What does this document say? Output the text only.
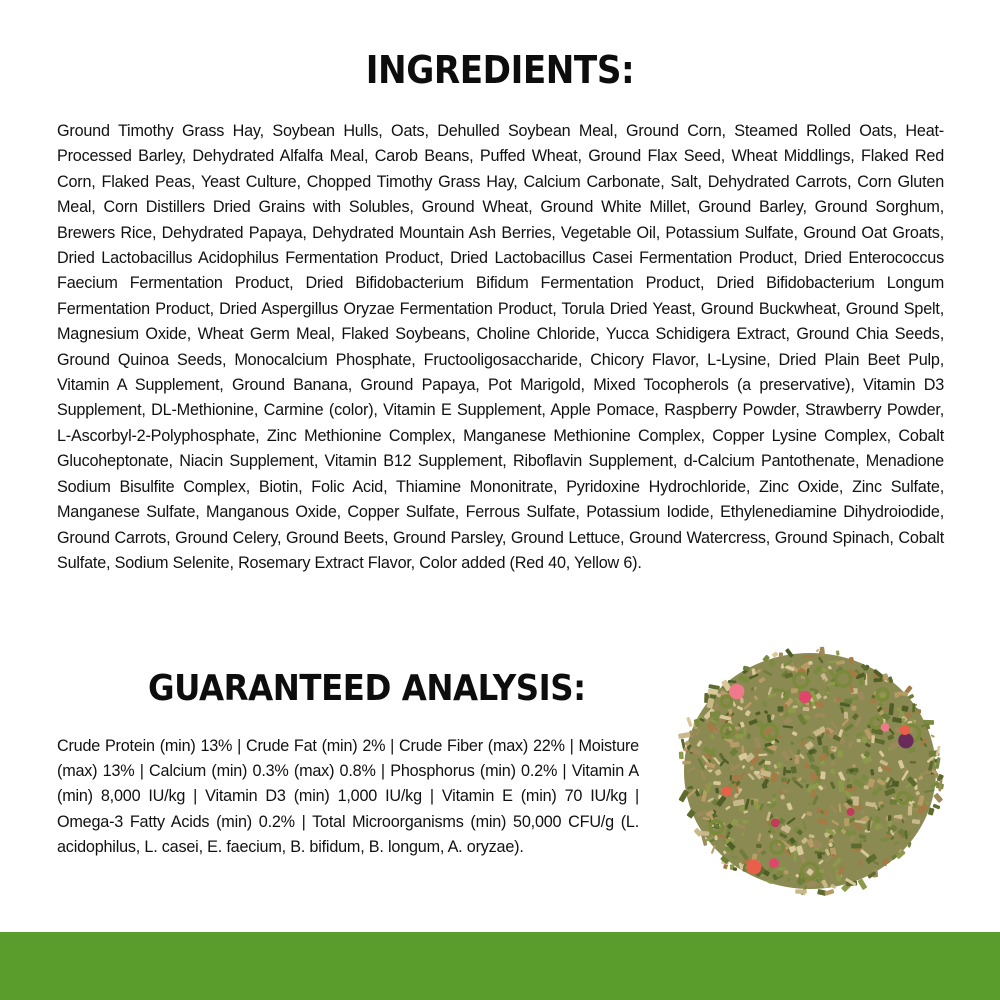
INGREDIENTS:

Ground Timothy Grass Hay, Soybean Hulls, Oats, Dehulled Soybean Meal, Ground Corn, Steamed Rolled Oats, Heat-Processed Barley, Dehydrated Alfalfa Meal, Carob Beans, Puffed Wheat, Ground Flax Seed, Wheat Middlings, Flaked Red Corn, Flaked Peas, Yeast Culture, Chopped Timothy Grass Hay, Calcium Carbonate, Salt, Dehydrated Carrots, Corn Gluten Meal, Corn Distillers Dried Grains with Solubles, Ground Wheat, Ground White Millet, Ground Barley, Ground Sorghum, Brewers Rice, Dehydrated Papaya, Dehydrated Mountain Ash Berries, Vegetable Oil, Potassium Sulfate, Ground Oat Groats, Dried Lactobacillus Acidophilus Fermentation Product, Dried Lactobacillus Casei Fermentation Product, Dried Enterococcus Faecium Fermentation Product, Dried Bifidobacterium Bifidum Fermentation Product, Dried Bifidobacterium Longum Fermentation Product, Dried Aspergillus Oryzae Fermentation Product, Torula Dried Yeast, Ground Buckwheat, Ground Spelt, Magnesium Oxide, Wheat Germ Meal, Flaked Soybeans, Choline Chloride, Yucca Schidigera Extract, Ground Chia Seeds, Ground Quinoa Seeds, Monocalcium Phosphate, Fructooligosaccharide, Chicory Flavor, L-Lysine, Dried Plain Beet Pulp, Vitamin A Supplement, Ground Banana, Ground Papaya, Pot Marigold, Mixed Tocopherols (a preservative), Vitamin D3 Supplement, DL-Methionine, Carmine (color), Vitamin E Supplement, Apple Pomace, Raspberry Powder, Strawberry Powder, L-Ascorbyl-2-Polyphosphate, Zinc Methionine Complex, Manganese Methionine Complex, Copper Lysine Complex, Cobalt Glucoheptonate, Niacin Supplement, Vitamin B12 Supplement, Riboflavin Supplement, d-Calcium Pantothenate, Menadione Sodium Bisulfite Complex, Biotin, Folic Acid, Thiamine Mononitrate, Pyridoxine Hydrochloride, Zinc Oxide, Zinc Sulfate, Manganese Sulfate, Manganous Oxide, Copper Sulfate, Ferrous Sulfate, Potassium Iodide, Ethylenediamine Dihydroiodide, Ground Carrots, Ground Celery, Ground Beets, Ground Parsley, Ground Lettuce, Ground Watercress, Ground Spinach, Cobalt Sulfate, Sodium Selenite, Rosemary Extract Flavor, Color added (Red 40, Yellow 6).

GUARANTEED ANALYSIS:

Crude Protein (min) 13% | Crude Fat (min) 2% | Crude Fiber (max) 22% | Moisture (max) 13% | Calcium (min) 0.3% (max) 0.8% | Phosphorus (min) 0.2% | Vitamin A (min) 8,000 IU/kg | Vitamin D3 (min) 1,000 IU/kg | Vitamin E (min) 70 IU/kg | Omega-3 Fatty Acids (min) 0.2% | Total Microorganisms (min) 50,000 CFU/g (L. acidophilus, L. casei, E. faecium, B. bifidum, B. longum, A. oryzae).
